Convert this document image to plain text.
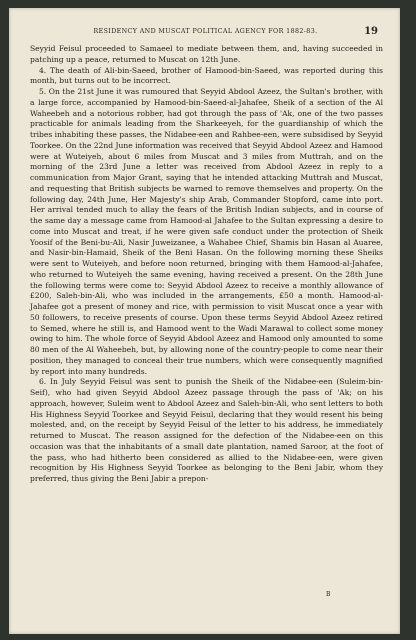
RESIDENCY AND MUSCAT POLITICAL AGENCY FOR 1882-83.	19

Seyyid Feisul proceeded to Samaeel to mediate between them, and, having succeeded in patching up a peace, returned to Muscat on 12th June.

4. The death of Ali-bin-Saeed, brother of Hamood-bin-Saeed, was reported during this month, but turns out to be incorrect.

5. On the 21st June it was rumoured that Seyyid Abdool Azeez, the Sultan's brother, with a large force, accompanied by Hamood-bin-Saeed-al-Jahafee, Sheik of a section of the Al Waheebeh and a notorious robber, had got through the pass of 'Ak, one of the two passes practicable for animals leading from the Sharkeeyeh, for the guardianship of which the tribes inhabiting these passes, the Nidabee-een and Rahbee-een, were subsidised by Seyyid Toorkee. On the 22nd June information was received that Seyyid Abdool Azeez and Hamood were at Wuteiyeh, about 6 miles from Muscat and 3 miles from Muttrah, and on the morning of the 23rd June a letter was received from Abdool Azeez in reply to a communication from Major Grant, saying that he intended attacking Muttrah and Muscat, and requesting that British subjects be warned to remove themselves and property. On the following day, 24th June, Her Majesty's ship Arab, Commander Stopford, came into port. Her arrival tended much to allay the fears of the British Indian subjects, and in course of the same day a message came from Hamood-al Jahafee to the Sultan expressing a desire to come into Muscat and treat, if he were given safe conduct under the protection of Sheik Yoosif of the Beni-bu-Ali, Nasir Juweizanee, a Wahabee Chief, Shamis bin Hasan al Auaree, and Nasir-bin-Hamaid, Sheik of the Beni Hasan. On the following morning these Sheiks were sent to Wuteiyeh, and before noon returned, bringing with them Hamood-al-Jahafee, who returned to Wuteiyeh the same evening, having received a present. On the 28th June the following terms were come to: Seyyid Abdool Azeez to receive a monthly allowance of £200, Saleh-bin-Ali, who was included in the arrangements, £50 a month. Hamood-al-Jahafee got a present of money and rice, with permission to visit Muscat once a year with 50 followers, to receive presents of course. Upon these terms Seyyid Abdool Azeez retired to Semed, where he still is, and Hamood went to the Wadi Marawal to collect some money owing to him. The whole force of Seyyid Abdool Azeez and Hamood only amounted to some 80 men of the Al Waheebeh, but, by allowing none of the country-people to come near their position, they managed to conceal their true numbers, which were consequently magnified by report into many hundreds.

6. In July Seyyid Feisul was sent to punish the Sheik of the Nidabee-een (Suleim-bin-Seif), who had given Seyyid Abdool Azeez passage through the pass of 'Ak; on his approach, however, Suleim went to Abdool Azeez and Saleh-bin-Ali, who sent letters to both His Highness Seyyid Toorkee and Seyyid Feisul, declaring that they would resent his being molested, and, on the receipt by Seyyid Feisul of the letter to his address, he immediately returned to Muscat. The reason assigned for the defection of the Nidabee-een on this occasion was that the inhabitants of a small date plantation, named Saroor, at the foot of the pass, who had hitherto been considered as allied to the Nidabee-een, were given recognition by His Highness Seyyid Toorkee as belonging to the Beni Jabir, whom they preferred, thus giving the Beni Jabir a prepon-

B
